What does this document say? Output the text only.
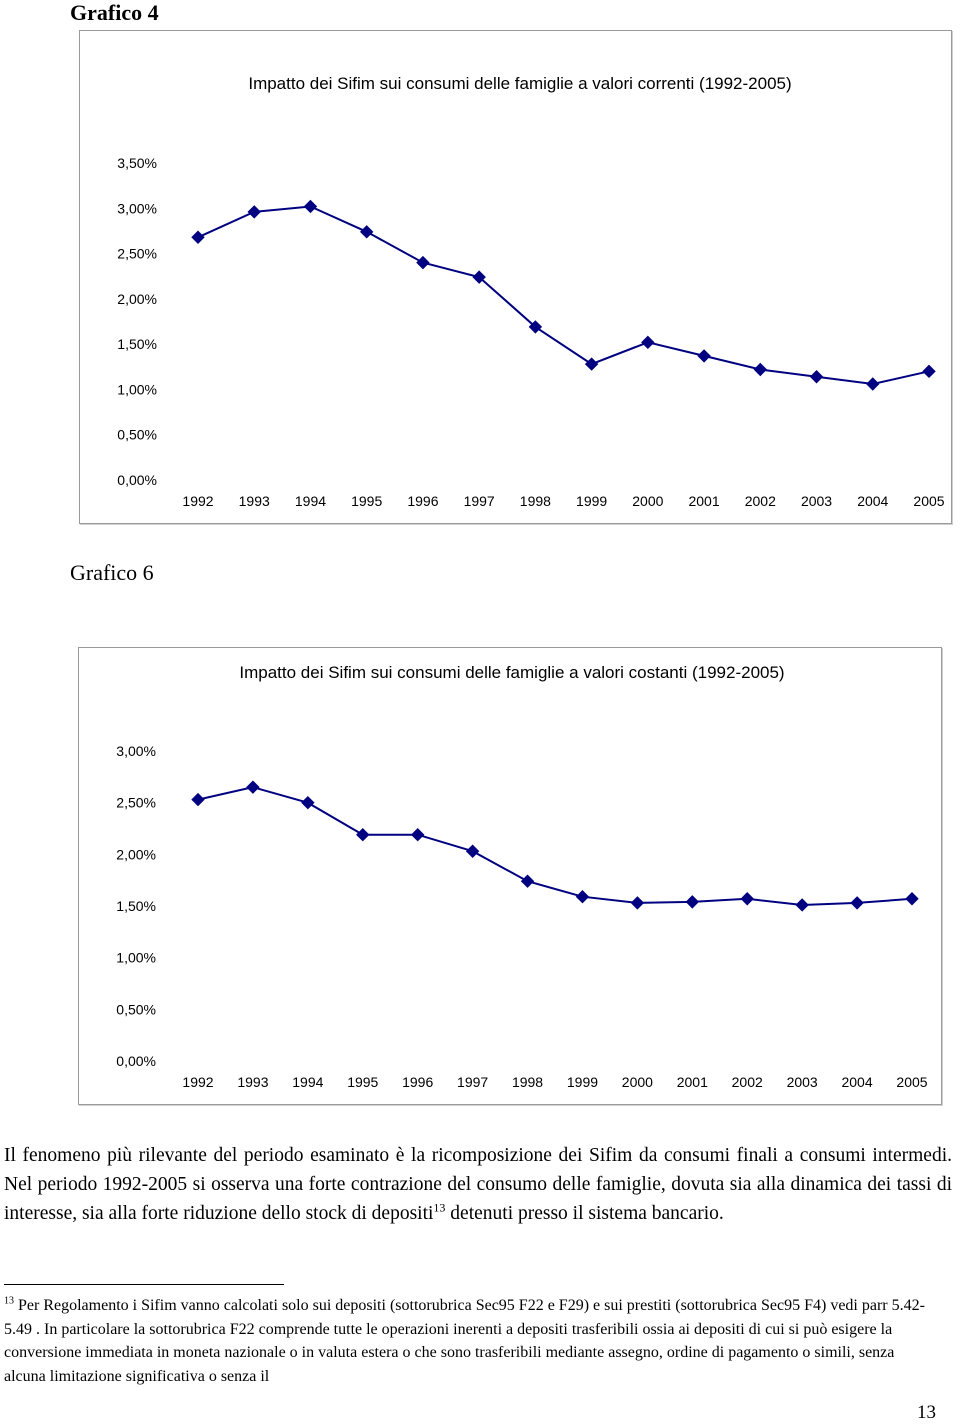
Grafico 4
Impatto dei Sifim sui consumi delle famiglie a valori correnti (1992-2005)
0,00%
0,50%
1,00%
1,50%
2,00%
2,50%
3,00%
3,50%
1992 1993 1994 1995 1996 1997 1998 1999 2000 2001 2002 2003 2004 2005
Grafico 6
Impatto dei Sifim sui consumi delle famiglie a valori costanti (1992-2005)
0,00%
0,50%
1,00%
1,50%
2,00%
2,50%
3,00%
1992 1993 1994 1995 1996 1997 1998 1999 2000 2001 2002 2003 2004 2005

Il fenomeno più rilevante del periodo esaminato è la ricomposizione dei Sifim da consumi finali a consumi intermedi. Nel periodo 1992-2005 si osserva una forte contrazione del consumo delle famiglie, dovuta sia alla dinamica dei tassi di interesse, sia alla forte riduzione dello stock di depositi$^{13}$ detenuti presso il sistema bancario.

$^{13}$ Per Regolamento i Sifim vanno calcolati solo sui depositi (sottorubrica Sec95 F22 e F29) e sui prestiti (sottorubrica Sec95 F4) vedi parr 5.42-5.49 . In particolare la sottorubrica F22 comprende tutte le operazioni inerenti a depositi trasferibili ossia ai depositi di cui si può esigere la conversione immediata in moneta nazionale o in valuta estera o che sono trasferibili mediante assegno, ordine di pagamento o simili, senza alcuna limitazione significativa o senza il

13
